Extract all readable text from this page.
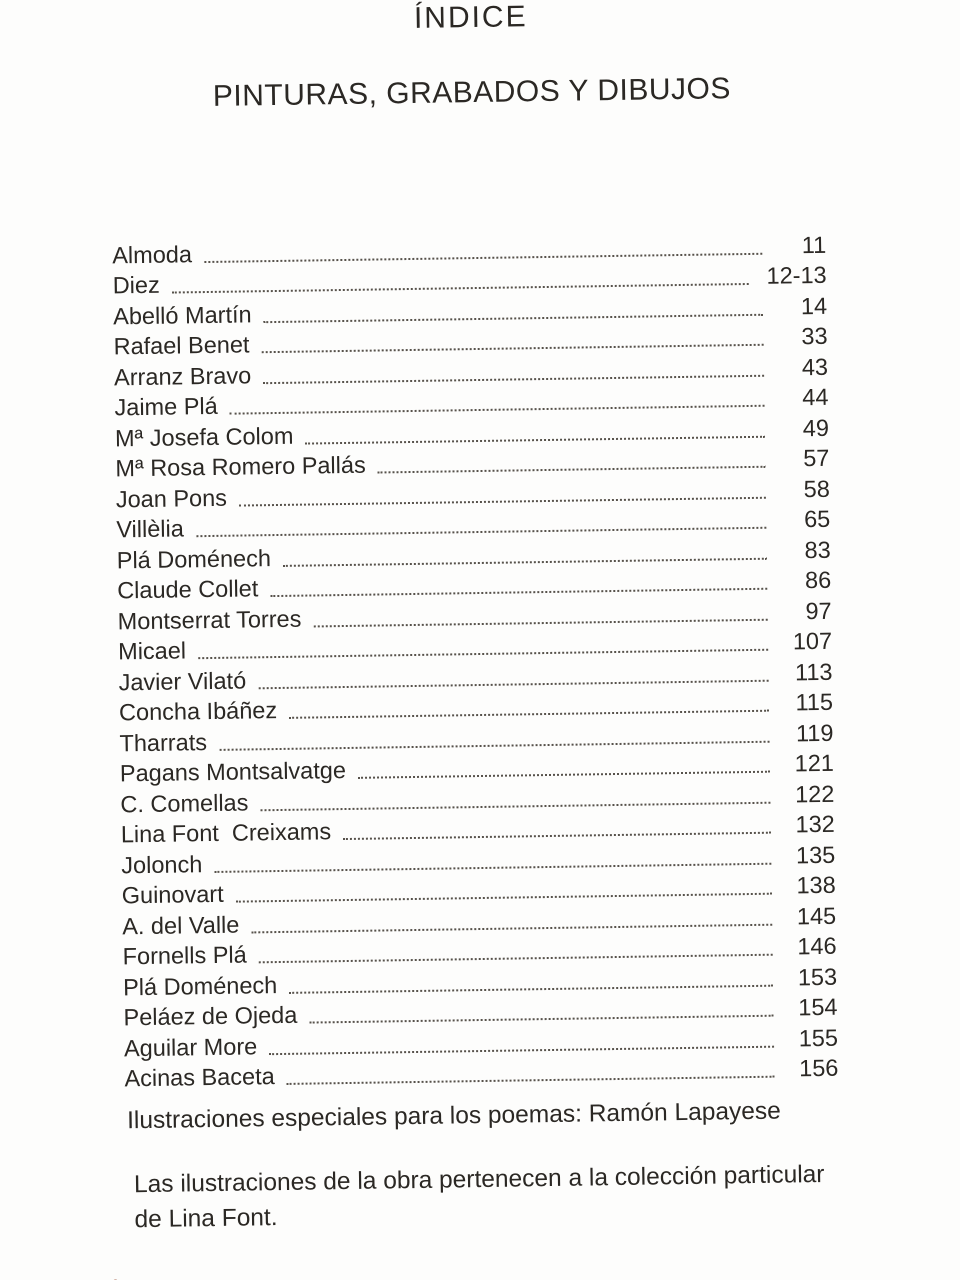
ÍNDICE
PINTURAS, GRABADOS Y DIBUJOS
Almoda	11
Diez	12-13
Abelló Martín	14
Rafael Benet	33
Arranz Bravo	43
Jaime Plá	44
Mª Josefa Colom	49
Mª Rosa Romero Pallás	57
Joan Pons	58
Villèlia	65
Plá Doménech	83
Claude Collet	86
Montserrat Torres	97
Micael	107
Javier Vilató	113
Concha Ibáñez	115
Tharrats	119
Pagans Montsalvatge	121
C. Comellas	122
Lina Font  Creixams	132
Jolonch	135
Guinovart	138
A. del Valle	145
Fornells Plá	146
Plá Doménech	153
Peláez de Ojeda	154
Aguilar More	155
Acinas Baceta	156

Ilustraciones especiales para los poemas: Ramón Lapayese

Las ilustraciones de la obra pertenecen a la colección particular
de Lina Font.
